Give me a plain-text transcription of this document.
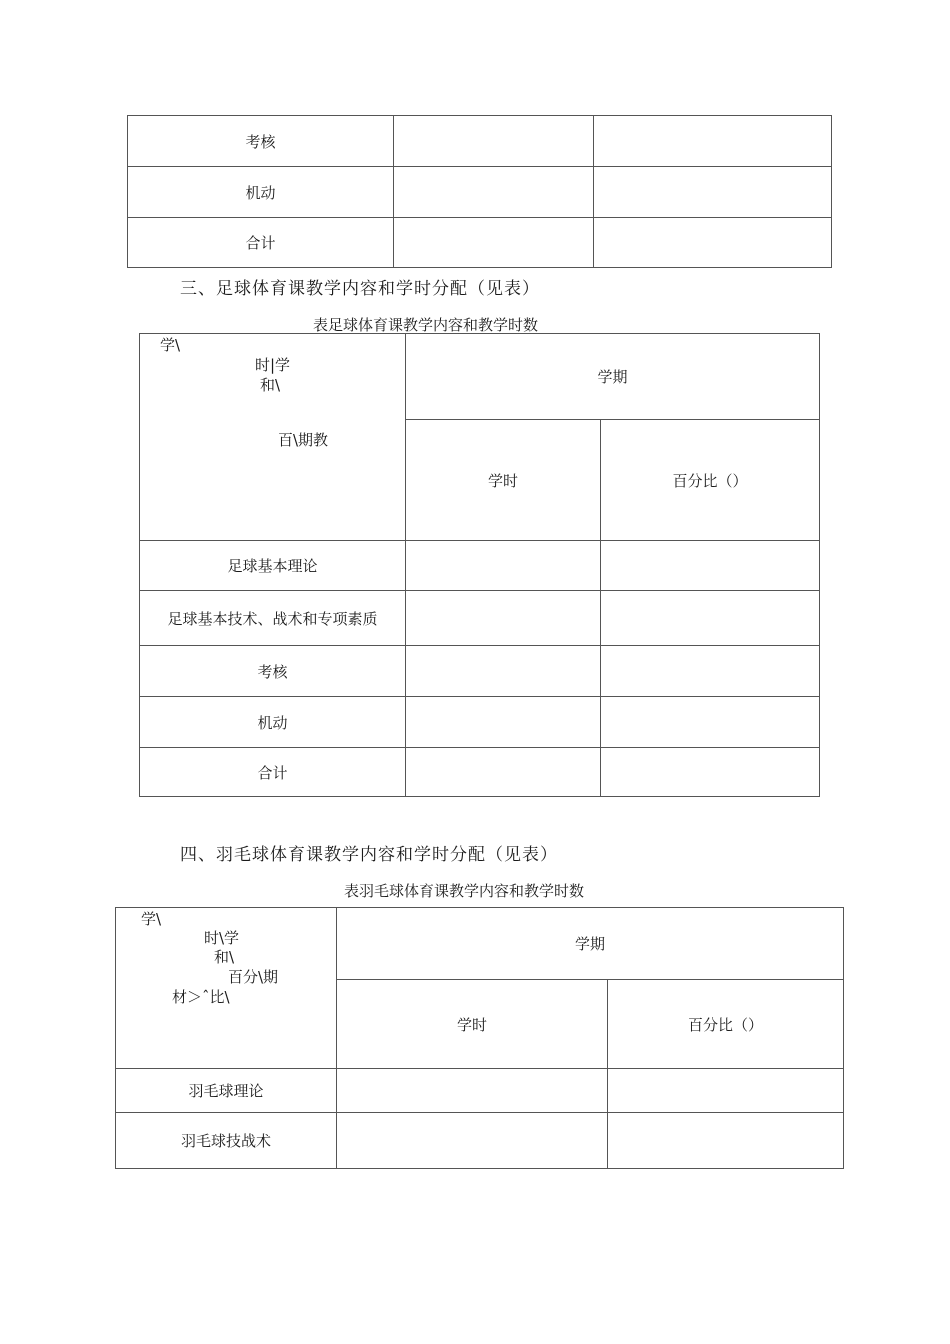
考核		
机动		
合计		
三、足球体育课教学内容和学时分配（见表）
表足球体育课教学内容和教学时数
学\
时|学
和\
百\期教	学期	
	学时	百分比（）
足球基本理论		
足球基本技术、战术和专项素质		
考核		
机动		
合计		
四、羽毛球体育课教学内容和学时分配（见表）
表羽毛球体育课教学内容和教学时数
学\
时\学
和\
百分\期
材＞ˆ比\	学期	
	学时	百分比（）
羽毛球理论		
羽毛球技战术		
